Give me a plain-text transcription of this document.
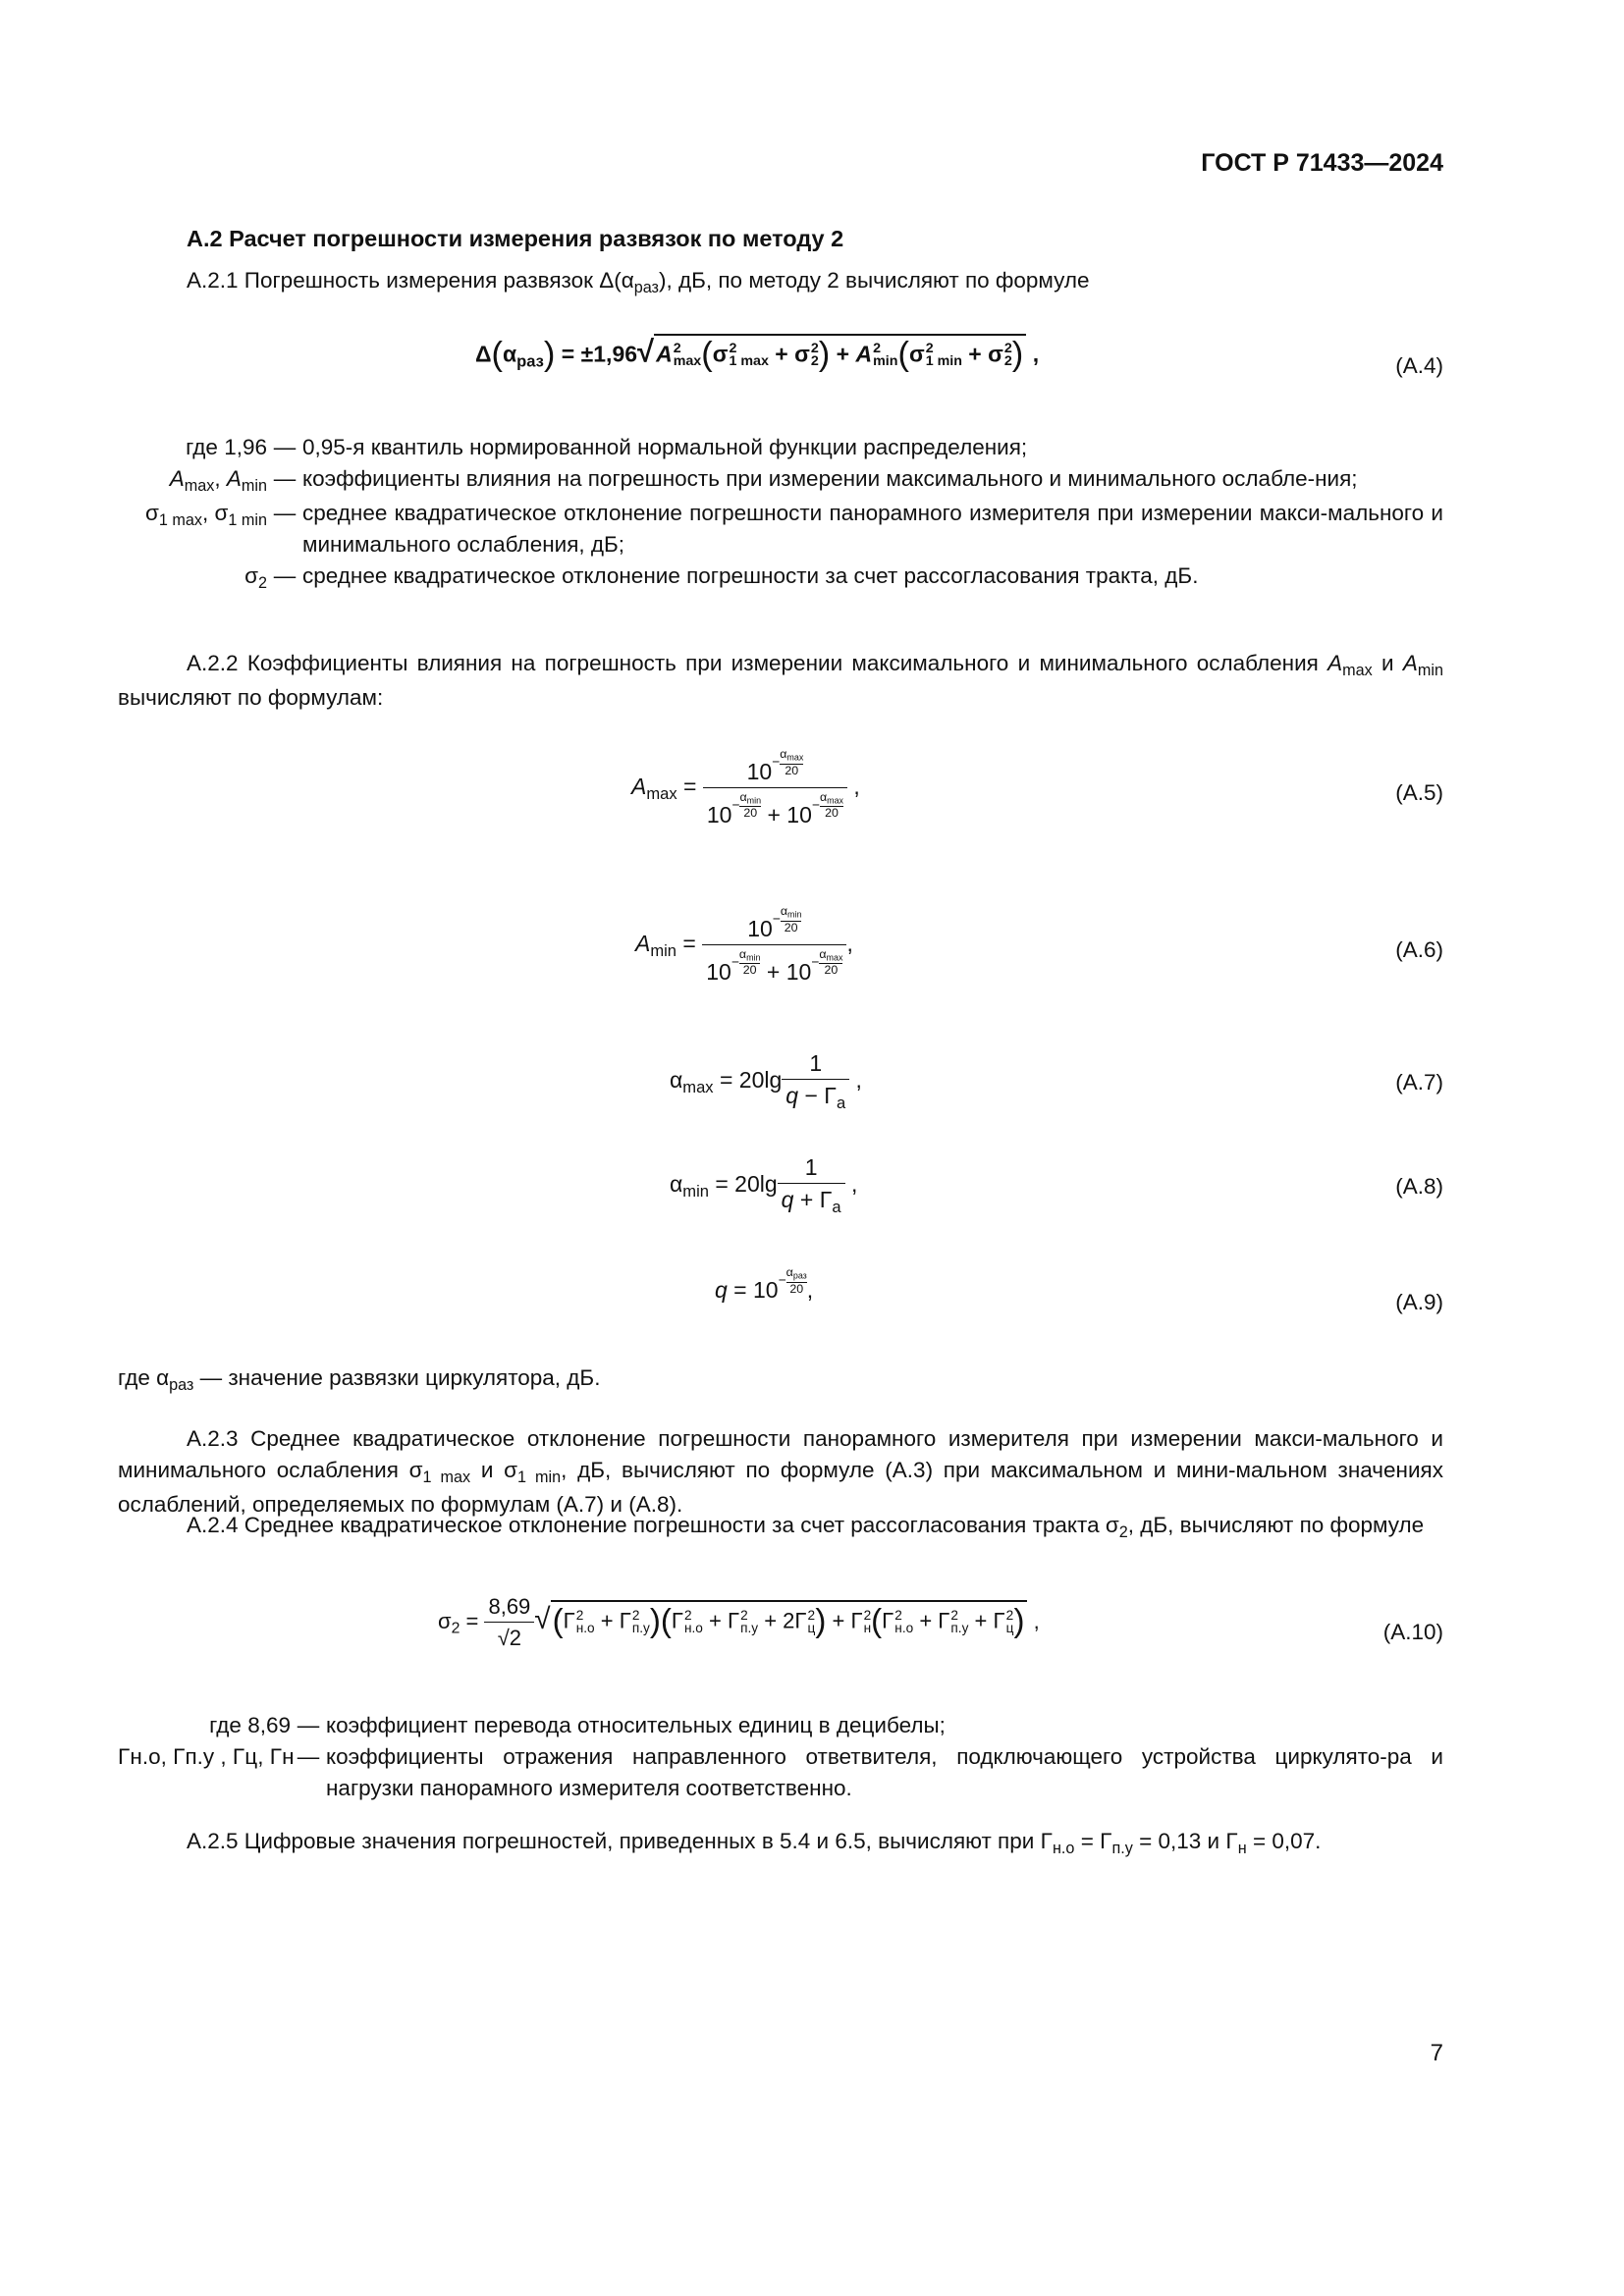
ГОСТ Р 71433—2024
А.2 Расчет погрешности измерения развязок по методу 2
А.2.1 Погрешность измерения развязок $\Delta(\alpha_{раз})$, дБ, по методу 2 вычисляют по формуле
$\Delta(\alpha_{раз}) = \pm 1,96√A$ 2
max (σ 2
1 max + σ 2
2 ) + A 2
min (σ 2
1 min + σ 2
2 ) ,	(А.4)
где 1,96 — 0,95-я квантиль нормированной нормальной функции распределения;
$A_{max}$, $A_{min}$ — коэффициенты влияния на погрешность при измерении максимального и минимального ослабле-ния;
$\sigma_{1 max}$, $\sigma_{1 min}$ — среднее квадратическое отклонение погрешности панорамного измерителя при измерении макси-мального и минимального ослабления, дБ;
$\sigma_2$ — среднее квадратическое отклонение погрешности за счет рассогласования тракта, дБ.
А.2.2 Коэффициенты влияния на погрешность при измерении максимального и минимального ослабления $A_{max}$ и $A_{min}$ вычисляют по формулам:
$A_{max} = 10-$
$\alpha_{max}$
20
10−
$\alpha_{min}$
20 + 10−
$\alpha_{max}$
20 ,	(А.5)
$A_{min} = 10-$
$\alpha_{min}$
20
10−
$\alpha_{min}$
20 + 10−
$\alpha_{max}$
20 ,	(А.6)
$\alpha_{max} = 20\lg \frac{1}{q - \Gamma_а}$ ,	(А.7)
$\alpha_{min} = 20\lg \frac{1}{q + \Gamma_а}$ ,	(А.8)
q = 10−
$\alpha_{раз}$
20 ,	(А.9)
где $\alpha_{раз}$ — значение развязки циркулятора, дБ.
А.2.3 Среднее квадратическое отклонение погрешности панорамного измерителя при измерении макси-мального и минимального ослабления $\sigma_{1 max}$ и $\sigma_{1 min}$, дБ, вычисляют по формуле (А.3) при максимальном и мини-мальном значениях ослаблений, определяемых по формулам (А.7) и (А.8).
А.2.4 Среднее квадратическое отклонение погрешности за счет рассогласования тракта $\sigma_2$, дБ, вычисляют по формуле
$\sigma_2 = \frac{8,69}{√2} √(\Gamma$ 2
н.о + Γ 2
п.у )(Γ 2
н.о + Γ 2
п.у + 2Γ 2
ц ) + Γ 2
н (Γ 2
н.о + Γ 2
п.у + Γ 2
ц ) ,	(А.10)
где 8,69 — коэффициент перевода относительных единиц в децибелы;
Γн.о, Γп.у , Γц, Γн — коэффициенты отражения направленного ответвителя, подключающего устройства циркулято-ра и нагрузки панорамного измерителя соответственно.
А.2.5 Цифровые значения погрешностей, приведенных в 5.4 и 6.5, вычисляют при $\Gamma_{н.о} = \Gamma_{п.у} = 0,13$ и $\Gamma_н = 0,07$.
7
